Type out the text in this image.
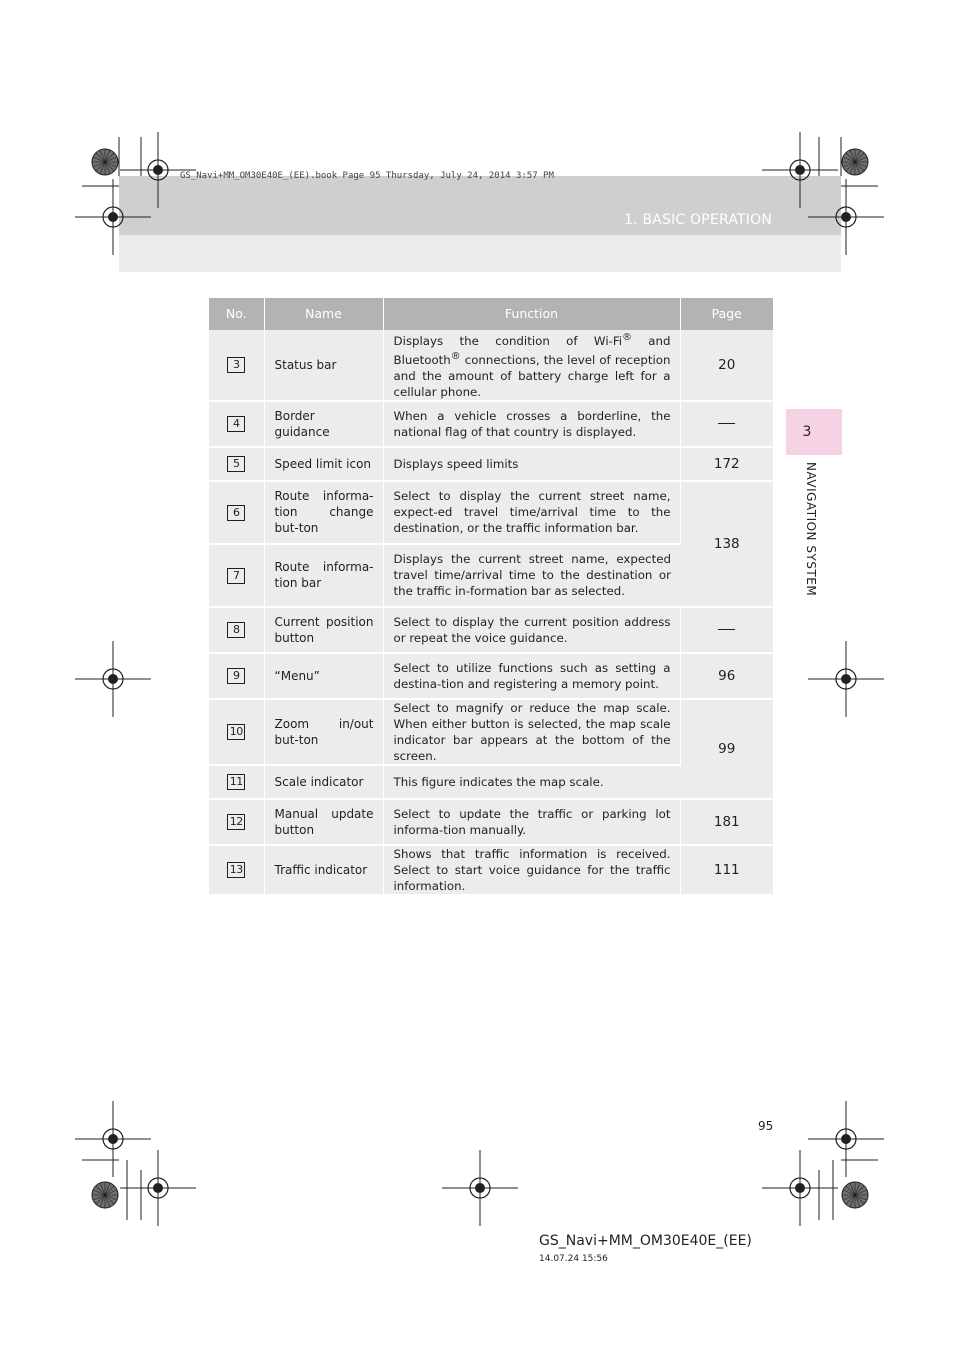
GS_Navi+MM_OM30E40E_(EE).book Page 95 Thursday, July 24, 2014 3:57 PM
1. BASIC OPERATION
3
NAVIGATION SYSTEM
No.	Name	Function	Page
3	Status bar	Displays the condition of Wi-Fi® and Bluetooth® connections, the level of reception and the amount of battery charge left for a cellular phone.	20
4	Border guidance	When a vehicle crosses a borderline, the national flag of that country is displayed.	
5	Speed limit icon	Displays speed limits	172
6	Route informa-tion change but-ton	Select to display the current street name, expect-ed travel time/arrival time to the destination, or the traffic information bar.	138
7	Route informa-tion bar	Displays the current street name, expected travel time/arrival time to the destination or the traffic in-formation bar as selected.	
8	Current position button	Select to display the current position address or repeat the voice guidance.	
9	“Menu”	Select to utilize functions such as setting a destina-tion and registering a memory point.	96
10	Zoom in/out but-ton	Select to magnify or reduce the map scale. When either button is selected, the map scale indicator bar appears at the bottom of the screen.	99
11	Scale indicator	This figure indicates the map scale.	
12	Manual update button	Select to update the traffic or parking lot informa-tion manually.	181
13	Traffic indicator	Shows that traffic information is received. Select to start voice guidance for the traffic information.	111
95
GS_Navi+MM_OM30E40E_(EE)
14.07.24 15:56
